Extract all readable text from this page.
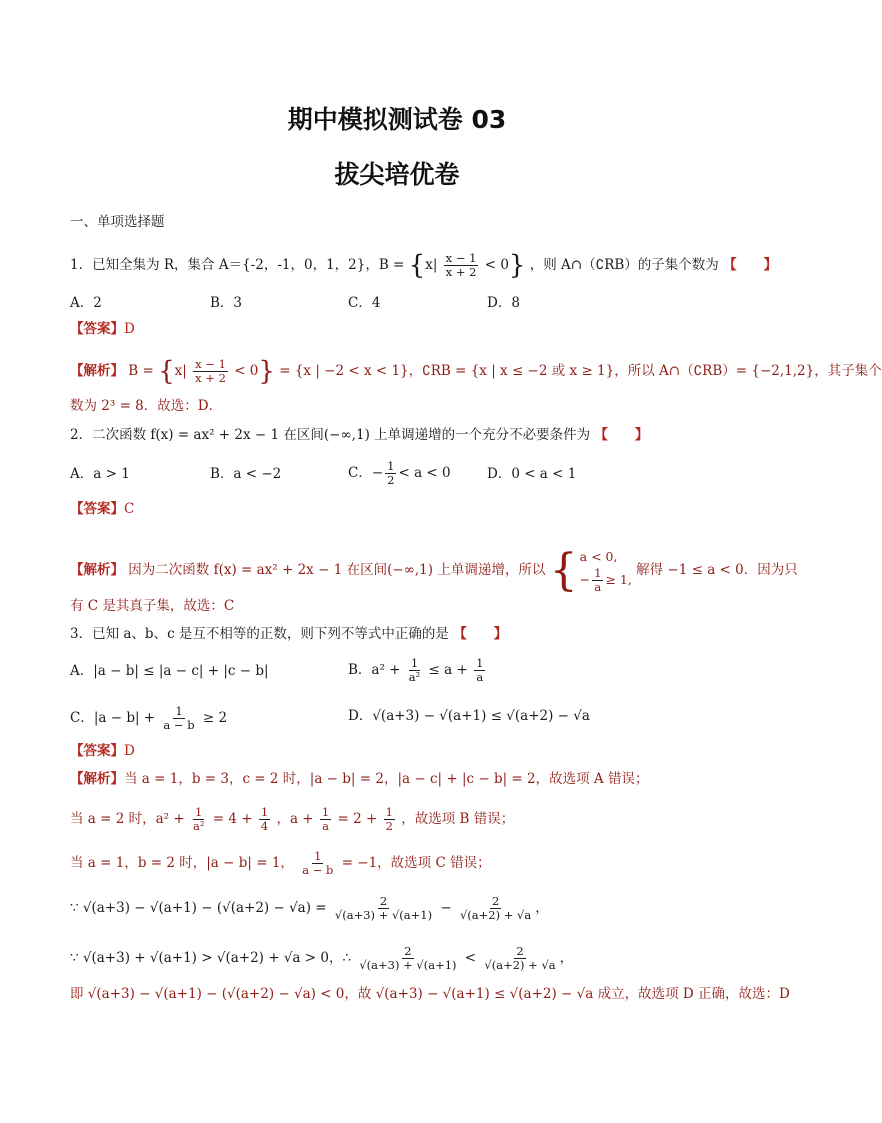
期中模拟测试卷 03
拔尖培优卷
一、单项选择题
1．已知全集为 R，集合 A＝{-2，-1，0，1，2}，$B = \{x| \frac{x - 1}{x + 2} < 0\}$ ，则 A∩（∁RB）的子集个数为 【　　】
A．2	B．3	C．4	D．8
【答案】D
【解析】 $B = \{x| \frac{x - 1}{x + 2} < 0\} = \{x$ | −2 < x < 1}，∁RB = {x | x ≤ −2 或 x ≥ 1}，所以 A∩（∁RB）= {−2,1,2}，其子集个
数为 2³ = 8．故选：D．
2．二次函数 f(x) = ax² + 2x − 1 在区间(−∞,1) 上单调递增的一个充分不必要条件为 【　　】
A．a > 1	B．a < −2	C．− $\frac{1}{2} < a < 0$	D．0 < a < 1
【答案】C
【解析】 因为二次函数 f(x) = ax² + 2x − 1 在区间(−∞,1) 上单调递增，所以 { a < 0,
− $\frac{1}{a} \ge 1$,
解得 −1 ≤ a < 0．因为只
有 C 是其真子集，故选：C
3．已知 a、b、c 是互不相等的正数，则下列不等式中正确的是 【　　】
A．|a − b| ≤ |a − c| + |c − b|	B．$a^2 + \frac{1}{\text{a²}} \le a + \frac{1}{a}$
C．$|a - b| + \frac{1}{a - b} \ge 2$	D．√(a+3) − √(a+1) ≤ √(a+2) − √a
【答案】D
【解析】当 a = 1，b = 3，c = 2 时，|a − b| = 2，|a − c| + |c − b| = 2，故选项 A 错误；
当 a = 2 时，$a^2 + \frac{1}{\text{a²}} = 4 + \frac{1}{4}$ ，$a + \frac{1}{a} = 2 + \frac{1}{2}$ ，故选项 B 错误；
当 a = 1，b = 2 时，|a − b| = 1， $\frac{1}{a - b} = -1$，故选项 C 错误；
∵ $√(a+3) - √(a+1) - (√(a+2) - √a) = \frac{2}{√(a+3) + √(a+1)} - \frac{2}{√(a+2) + √a}$ ，
∵ √(a+3) + √(a+1) > √(a+2) + √a > 0，∴ $\frac{2}{√(a+3) + √(a+1)} < \frac{2}{√(a+2) + √a}$ ，
即 √(a+3) − √(a+1) − (√(a+2) − √a) < 0，故 √(a+3) − √(a+1) ≤ √(a+2) − √a 成立，故选项 D 正确，故选：D
